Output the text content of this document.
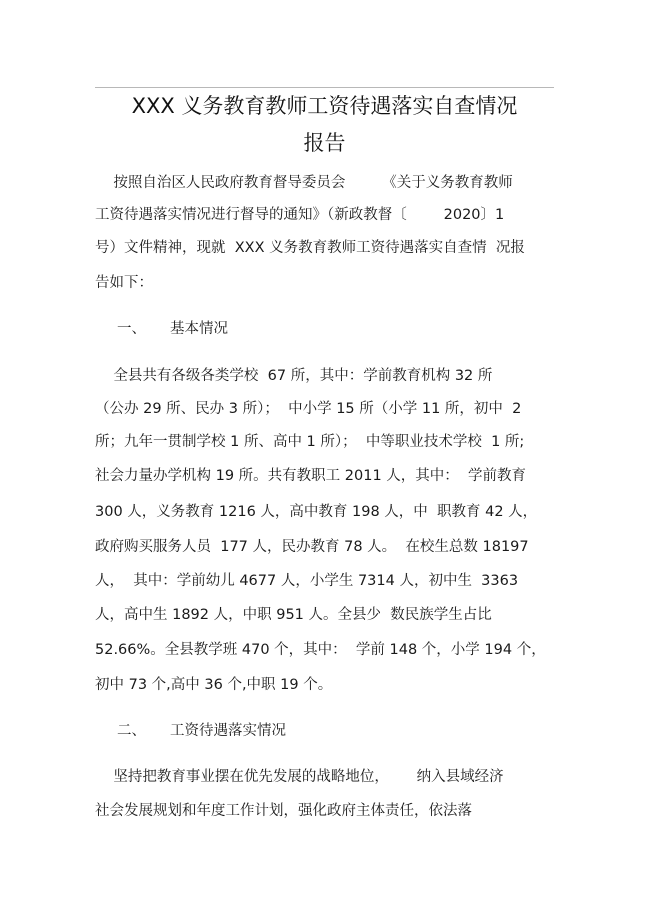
XXX 义务教育教师工资待遇落实自查情况
报告
按照自治区人民政府教育督导委员会        《关于义务教育教师
工资待遇落实情况进行督导的通知》（新政教督〔        2020〕1
号）文件精神，现就  XXX 义务教育教师工资待遇落实自查情  况报
告如下：
一、 基本情况
全县共有各级各类学校  67 所，其中：学前教育机构 32 所
（公办 29 所、民办 3 所）；  中小学 15 所（小学 11 所，初中  2
所；九年一贯制学校 1 所、高中 1 所）；  中等职业技术学校  1 所;
社会力量办学机构 19 所。共有教职工 2011 人，其中：  学前教育
300 人，义务教育 1216 人，高中教育 198 人，中  职教育 42 人，
政府购买服务人员  177 人，民办教育 78 人。  在校生总数 18197
人，  其中：学前幼儿 4677 人，小学生 7314 人，初中生  3363
人，高中生 1892 人，中职 951 人。全县少  数民族学生占比
52.66%。全县教学班 470 个，其中：  学前 148 个，小学 194 个，
初中 73 个,高中 36 个,中职 19 个。
二、 工资待遇落实情况
坚持把教育事业摆在优先发展的战略地位，      纳入县域经济
社会发展规划和年度工作计划，强化政府主体责任，依法落
